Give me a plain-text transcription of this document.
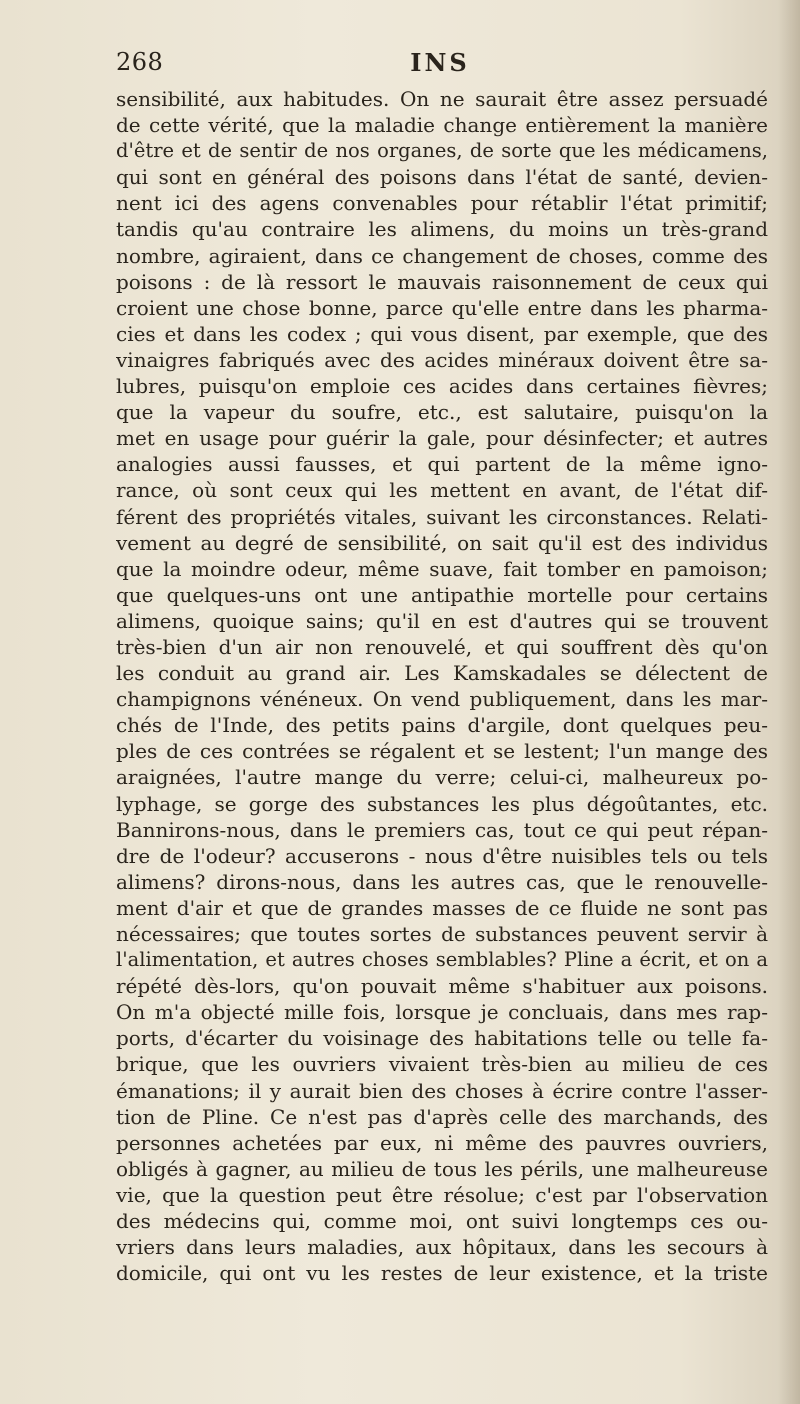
268	INS
sensibilité, aux habitudes. On ne saurait être assez persuadé
de cette vérité, que la maladie change entièrement la manière
d'être et de sentir de nos organes, de sorte que les médicamens,
qui sont en général des poisons dans l'état de santé, devien-
nent ici des agens convenables pour rétablir l'état primitif;
tandis qu'au contraire les alimens, du moins un très-grand
nombre, agiraient, dans ce changement de choses, comme des
poisons : de là ressort le mauvais raisonnement de ceux qui
croient une chose bonne, parce qu'elle entre dans les pharma-
cies et dans les codex ; qui vous disent, par exemple, que des
vinaigres fabriqués avec des acides minéraux doivent être sa-
lubres, puisqu'on emploie ces acides dans certaines fièvres;
que la vapeur du soufre, etc., est salutaire, puisqu'on la
met en usage pour guérir la gale, pour désinfecter; et autres
analogies aussi fausses, et qui partent de la même igno-
rance, où sont ceux qui les mettent en avant, de l'état dif-
férent des propriétés vitales, suivant les circonstances. Relati-
vement au degré de sensibilité, on sait qu'il est des individus
que la moindre odeur, même suave, fait tomber en pamoison;
que quelques-uns ont une antipathie mortelle pour certains
alimens, quoique sains; qu'il en est d'autres qui se trouvent
très-bien d'un air non renouvelé, et qui souffrent dès qu'on
les conduit au grand air. Les Kamskadales se délectent de
champignons vénéneux. On vend publiquement, dans les mar-
chés de l'Inde, des petits pains d'argile, dont quelques peu-
ples de ces contrées se régalent et se lestent; l'un mange des
araignées, l'autre mange du verre; celui-ci, malheureux po-
lyphage, se gorge des substances les plus dégoûtantes, etc.
Bannirons-nous, dans le premiers cas, tout ce qui peut répan-
dre de l'odeur? accuserons - nous d'être nuisibles tels ou tels
alimens? dirons-nous, dans les autres cas, que le renouvelle-
ment d'air et que de grandes masses de ce fluide ne sont pas
nécessaires; que toutes sortes de substances peuvent servir à
l'alimentation, et autres choses semblables? Pline a écrit, et on a
répété dès-lors, qu'on pouvait même s'habituer aux poisons.
On m'a objecté mille fois, lorsque je concluais, dans mes rap-
ports, d'écarter du voisinage des habitations telle ou telle fa-
brique, que les ouvriers vivaient très-bien au milieu de ces
émanations; il y aurait bien des choses à écrire contre l'asser-
tion de Pline. Ce n'est pas d'après celle des marchands, des
personnes achetées par eux, ni même des pauvres ouvriers,
obligés à gagner, au milieu de tous les périls, une malheureuse
vie, que la question peut être résolue; c'est par l'observation
des médecins qui, comme moi, ont suivi longtemps ces ou-
vriers dans leurs maladies, aux hôpitaux, dans les secours à
domicile, qui ont vu les restes de leur existence, et la triste
